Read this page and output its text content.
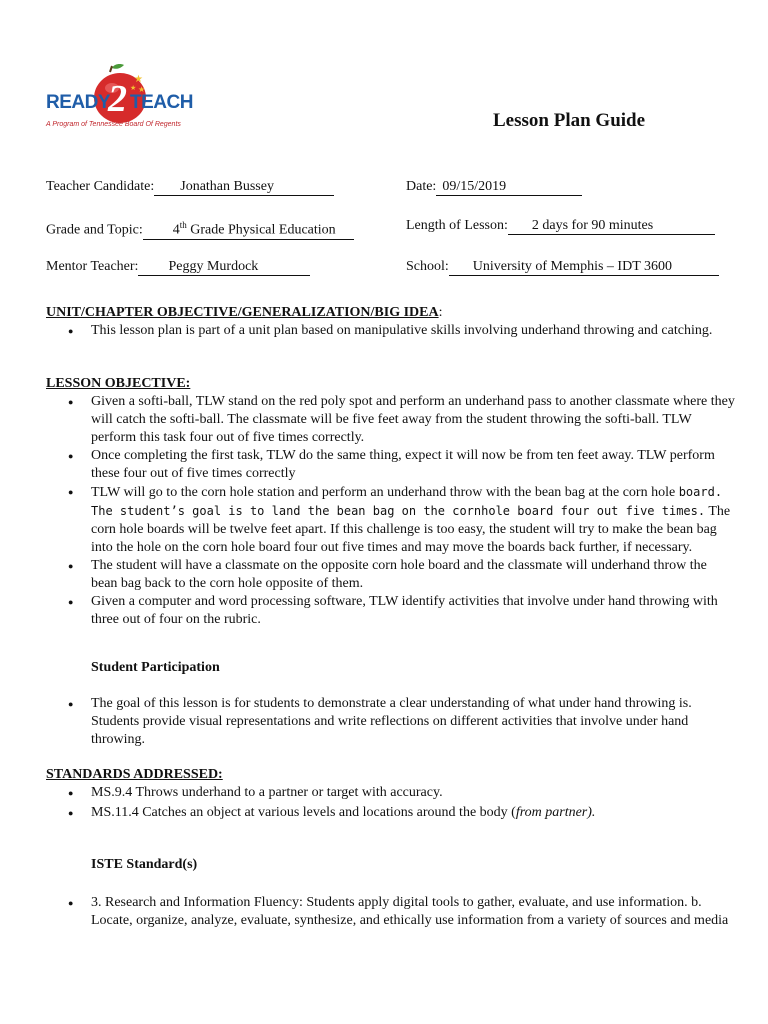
★
★
★
READY
2 TEACH
A Program of Tennessee Board Of Regents	Lesson Plan Guide
Teacher Candidate: Jonathan Bussey	Date: 09/15/2019
Grade and Topic: 4th Grade Physical Education	Length of Lesson: 2 days for 90 minutes
Mentor Teacher: Peggy Murdock	School: University of Memphis – IDT 3600
UNIT/CHAPTER OBJECTIVE/GENERALIZATION/BIG IDEA:
● This lesson plan is part of a unit plan based on manipulative skills involving underhand throwing and catching.
LESSON OBJECTIVE:
● Given a softi-ball, TLW stand on the red poly spot and perform an underhand pass to another classmate where they will catch the softi-ball. The classmate will be five feet away from the student throwing the softi-ball. TLW perform this task four out of five times correctly.
● Once completing the first task, TLW do the same thing, expect it will now be from ten feet away. TLW perform these four out of five times correctly
● TLW will go to the corn hole station and perform an underhand throw with the bean bag at the corn hole board. The student’s goal is to land the bean bag on the cornhole board four out five times. The corn hole boards will be twelve feet apart. If this challenge is too easy, the student will try to make the bean bag into the hole on the corn hole board four out five times and may move the boards back further, if necessary.
● The student will have a classmate on the opposite corn hole board and the classmate will underhand throw the bean bag back to the corn hole opposite of them.
● Given a computer and word processing software, TLW identify activities that involve under hand throwing with three out of four on the rubric.
Student Participation
● The goal of this lesson is for students to demonstrate a clear understanding of what under hand throwing is. Students provide visual representations and write reflections on different activities that involve under hand throwing.
STANDARDS ADDRESSED:
● MS.9.4 Throws underhand to a partner or target with accuracy.
● MS.11.4 Catches an object at various levels and locations around the body (from partner).
ISTE Standard(s)
● 3. Research and Information Fluency: Students apply digital tools to gather, evaluate, and use information. b. Locate, organize, analyze, evaluate, synthesize, and ethically use information from a variety of sources and media
